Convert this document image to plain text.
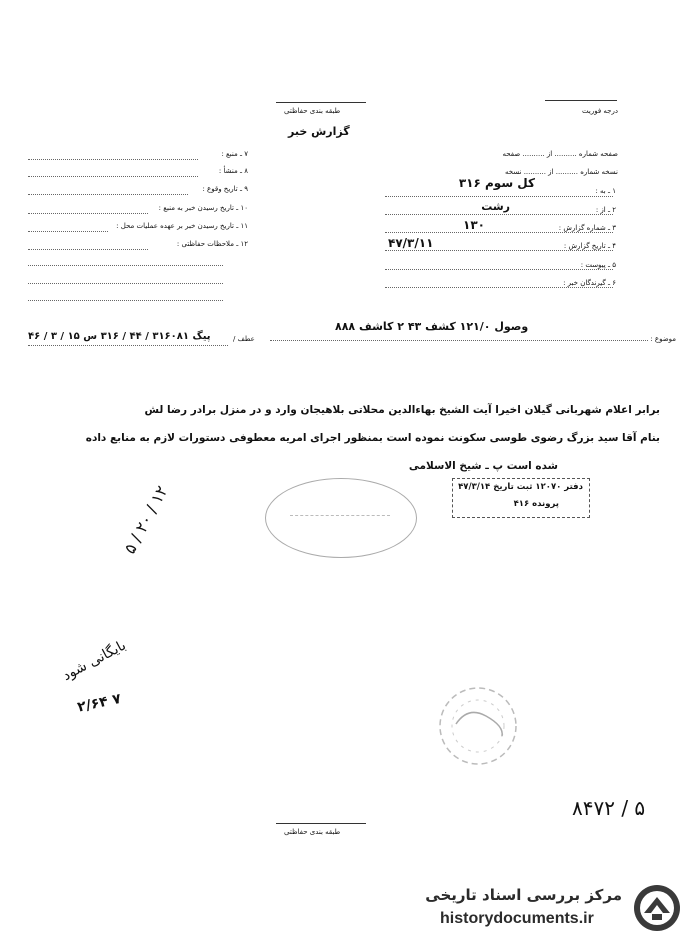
درجه فوریت
طبقه بندی حفاظتی
گزارش خبر
۷ ـ منبع :
۸ ـ منشأ :
۹ ـ تاریخ وقوع :
۱۰ ـ تاریخ رسیدن خبر به منبع :
۱۱ ـ تاریخ رسیدن خبر بر عهده عملیات محل :
۱۲ ـ ملاحظات حفاظتی :
صفحه شماره .......... از .......... صفحه
نسخه شماره .......... از .......... نسخه
۱ ـ به :
کل سوم ۳۱۶
۲ ـ از :
رشت
۳ ـ شماره گزارش :
۱۳۰
۴ ـ تاریخ گزارش :
۴۷/۳/۱۱
۵ ـ پیوست :
۶ ـ گیرندگان خبر :
موضوع :
وصول ۱۲۱/۰ کشف ۴۳ ۲ کاشف ۸۸۸
عطف /
پیگ ۳۱۶۰۸۱ / ۴۴ / ۳۱۶ س ۱۵ / ۳ / ۴۶
برابر اعلام شهربانی گیلان اخیرا آیت الشیخ بهاءالدین محلاتی بلاهیجان وارد و در منزل برادر رضا لش
بنام آقا سید بزرگ رضوی طوسی سکونت نموده است بمنظور اجرای امریه معطوفی دستورات لازم به منابع داده
شده است پ ـ شیخ الاسلامی
دفتر ۱۲۰۷۰ ثبت تاریخ ۴۷/۳/۱۴
پرونده ۴۱۶
۵ / ۲۰ / ۱۲
بایگانی شود
۲/۶۴ ۷
۸۴۷۲ / ۵
طبقه بندی حفاظتی
مرکز بررسی اسناد تاریخی
historydocuments.ir
